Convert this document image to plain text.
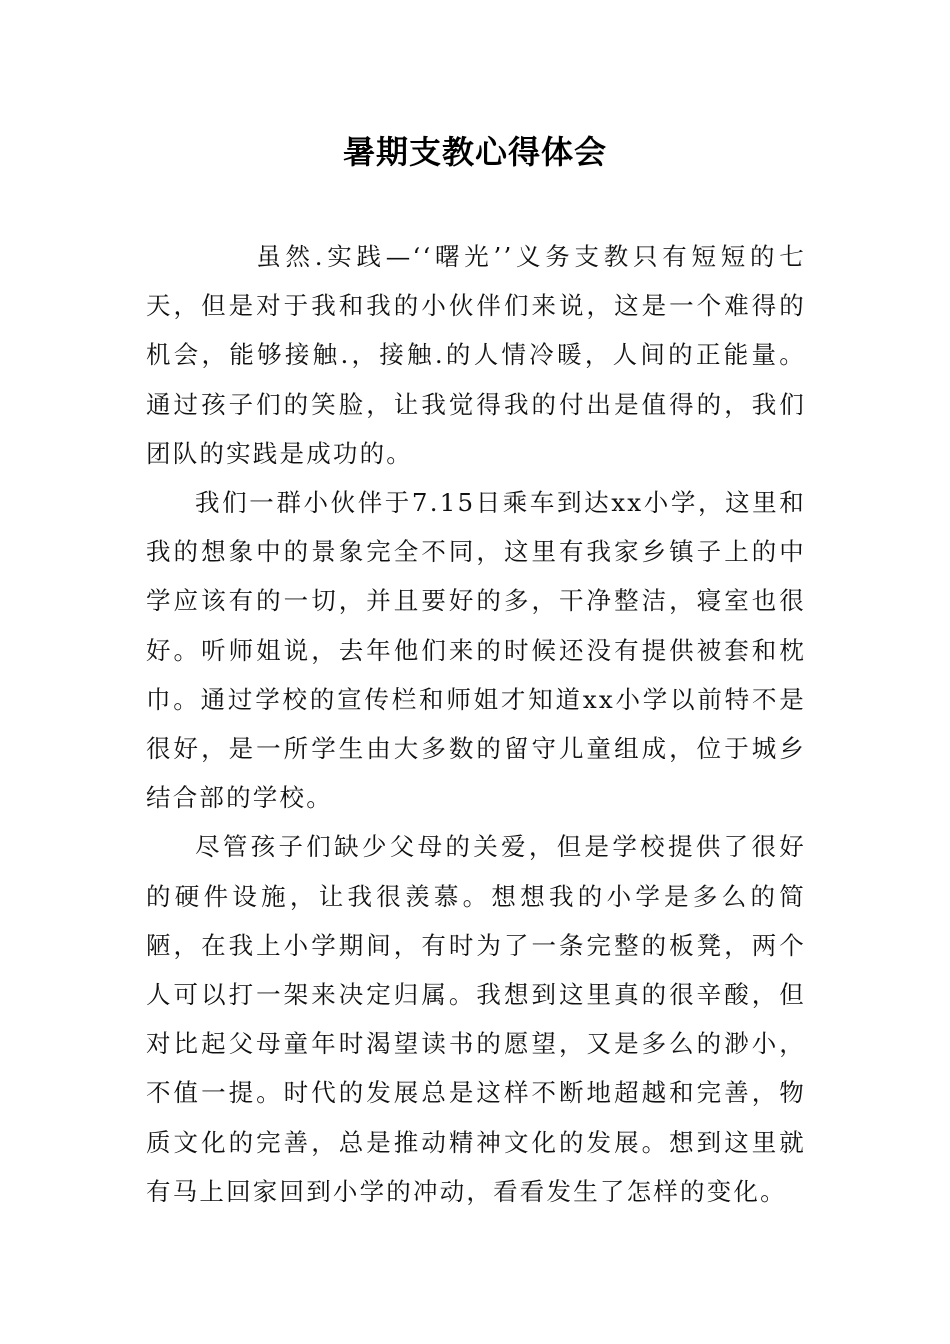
暑期支教心得体会

虽然.实践—‘‘曙光’’义务支教只有短短的七天，但是对于我和我的小伙伴们来说，这是一个难得的机会，能够接触.，接触.的人情冷暖，人间的正能量。通过孩子们的笑脸，让我觉得我的付出是值得的，我们团队的实践是成功的。

我们一群小伙伴于7.15日乘车到达xx小学，这里和我的想象中的景象完全不同，这里有我家乡镇子上的中学应该有的一切，并且要好的多，干净整洁，寝室也很好。听师姐说，去年他们来的时候还没有提供被套和枕巾。通过学校的宣传栏和师姐才知道xx小学以前特不是很好，是一所学生由大多数的留守儿童组成，位于城乡结合部的学校。

尽管孩子们缺少父母的关爱，但是学校提供了很好的硬件设施，让我很羡慕。想想我的小学是多么的简陋，在我上小学期间，有时为了一条完整的板凳，两个人可以打一架来决定归属。我想到这里真的很辛酸，但对比起父母童年时渴望读书的愿望，又是多么的渺小，不值一提。时代的发展总是这样不断地超越和完善，物质文化的完善，总是推动精神文化的发展。想到这里就有马上回家回到小学的冲动，看看发生了怎样的变化。
